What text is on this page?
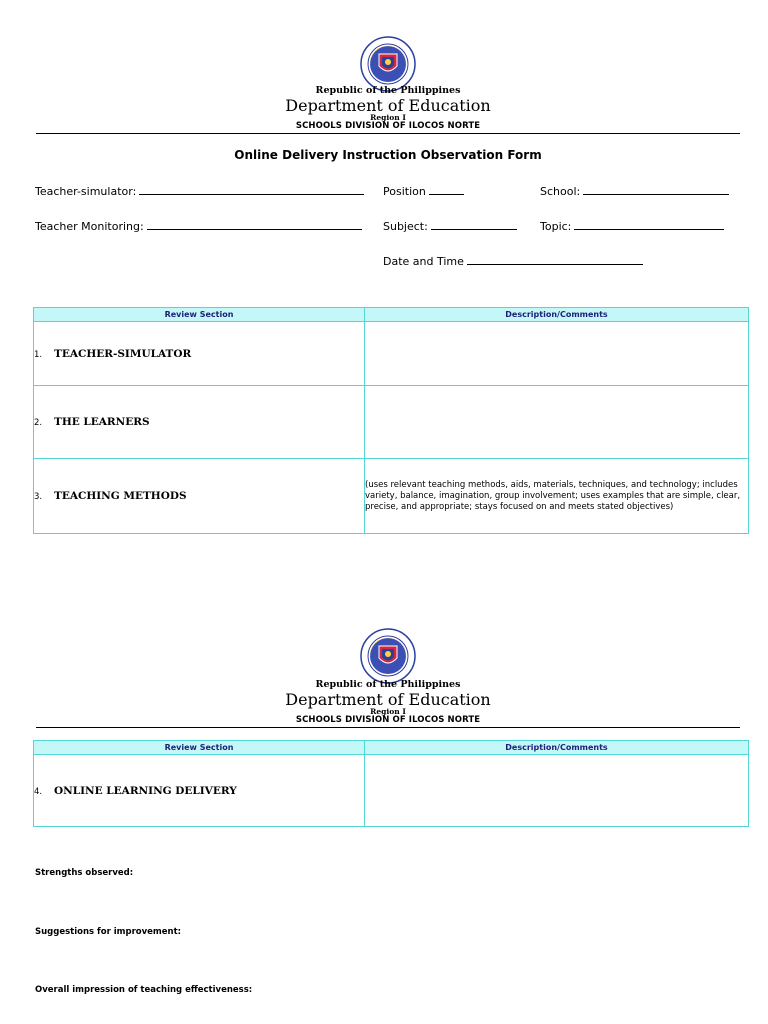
Republic of the Philippines
Department of Education
Region I
SCHOOLS DIVISION OF ILOCOS NORTE
Online Delivery Instruction Observation Form
Teacher-simulator:	Position	School:
Teacher Monitoring:	Subject:	Topic:
Date and Time
Review Section	Description/Comments
1. TEACHER-SIMULATOR	
2. THE LEARNERS	
3. TEACHING METHODS	(uses relevant teaching methods, aids, materials, techniques, and technology; includes variety, balance, imagination, group involvement; uses examples that are simple, clear, precise, and appropriate; stays focused on and meets stated objectives)
Republic of the Philippines
Department of Education
Region I
SCHOOLS DIVISION OF ILOCOS NORTE
Review Section	Description/Comments
4. ONLINE LEARNING DELIVERY	
Strengths observed:
Suggestions for improvement:
Overall impression of teaching effectiveness:
